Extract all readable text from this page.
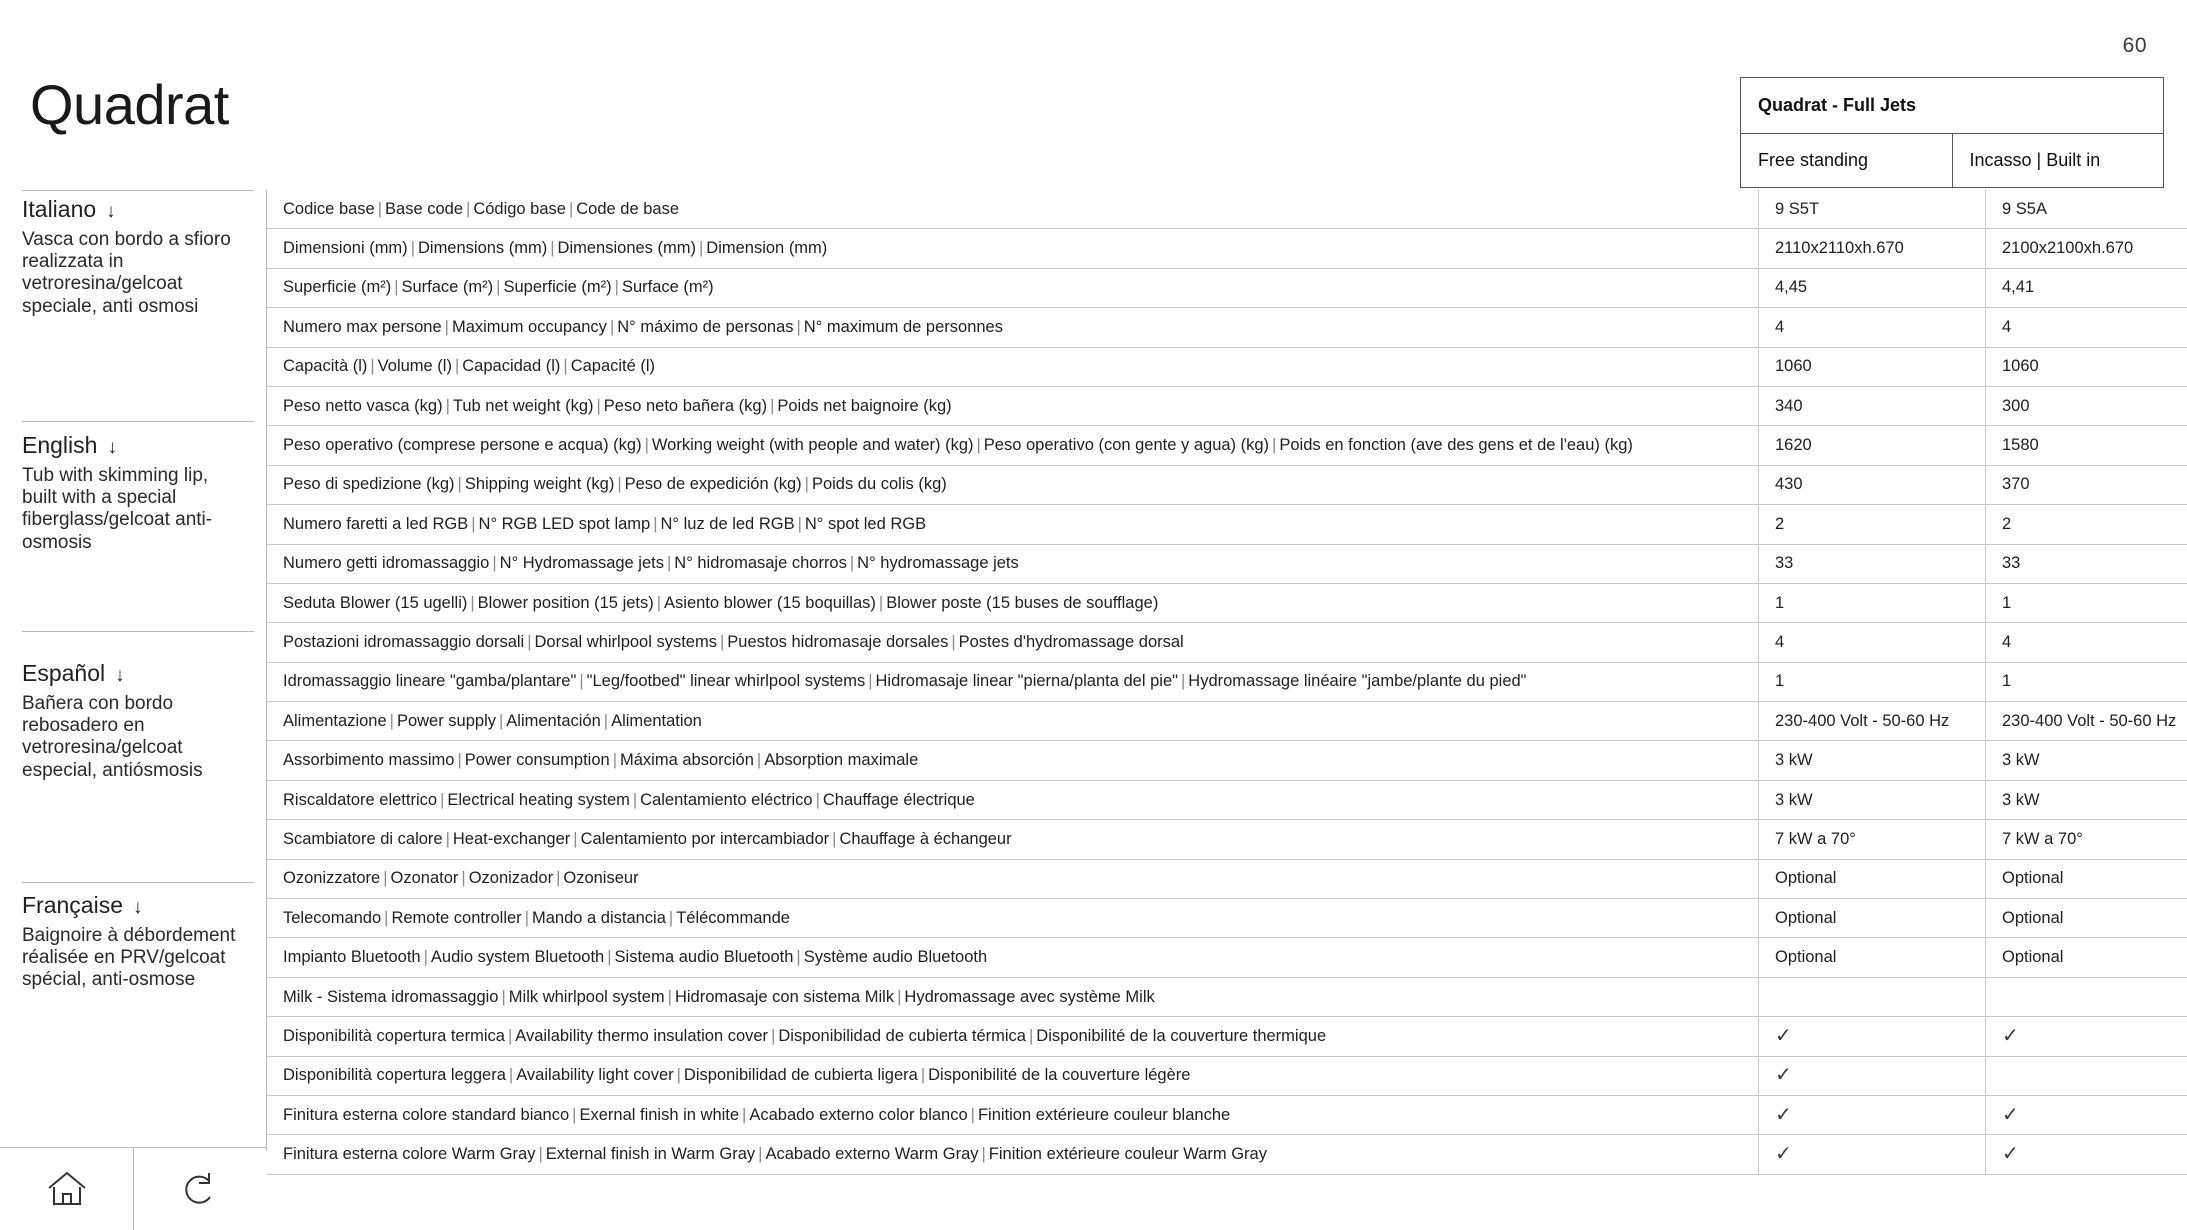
60
Quadrat	Quadrat - Full Jets
Free standing	Incasso | Built in
Italiano ↓
Vasca con bordo a sfioro realizzata in vetroresina/gelcoat speciale, anti osmosi
English ↓
Tub with skimming lip, built with a special fiberglass/gelcoat anti-osmosis
Español ↓
Bañera con bordo rebosadero en vetroresina/gelcoat especial, antiósmosis
Française ↓
Baignoire à débordement réalisée en PRV/gelcoat spécial, anti-osmose
Codice base | Base code | Código base | Code de base	9 S5T	9 S5A
Dimensioni (mm) | Dimensions (mm) | Dimensiones (mm) | Dimension (mm)	2110x2110xh.670	2100x2100xh.670
Superficie (m²) | Surface (m²) | Superficie (m²) | Surface (m²)	4,45	4,41
Numero max persone | Maximum occupancy | N° máximo de personas | N° maximum de personnes	4	4
Capacità (l) | Volume (l) | Capacidad (l) | Capacité (l)	1060	1060
Peso netto vasca (kg) | Tub net weight (kg) | Peso neto bañera (kg) | Poids net baignoire (kg)	340	300
Peso operativo (comprese persone e acqua) (kg) | Working weight (with people and water) (kg) | Peso operativo (con gente y agua) (kg) | Poids en fonction (ave des gens et de l'eau) (kg)	1620	1580
Peso di spedizione (kg) | Shipping weight (kg) | Peso de expedición (kg) | Poids du colis (kg)	430	370
Numero faretti a led RGB | N° RGB LED spot lamp | N° luz de led RGB | N° spot led RGB	2	2
Numero getti idromassaggio | N° Hydromassage jets | N° hidromasaje chorros | N° hydromassage jets	33	33
Seduta Blower (15 ugelli) | Blower position (15 jets) | Asiento blower (15 boquillas) | Blower poste (15 buses de soufflage)	1	1
Postazioni idromassaggio dorsali | Dorsal whirlpool systems | Puestos hidromasaje dorsales | Postes d'hydromassage dorsal	4	4
Idromassaggio lineare "gamba/plantare" | "Leg/footbed" linear whirlpool systems | Hidromasaje linear "pierna/planta del pie" | Hydromassage linéaire "jambe/plante du pied"	1	1
Alimentazione | Power supply | Alimentación | Alimentation	230-400 Volt - 50-60 Hz	230-400 Volt - 50-60 Hz
Assorbimento massimo | Power consumption | Máxima absorción | Absorption maximale	3 kW	3 kW
Riscaldatore elettrico | Electrical heating system | Calentamiento eléctrico | Chauffage électrique	3 kW	3 kW
Scambiatore di calore | Heat-exchanger | Calentamiento por intercambiador | Chauffage à échangeur	7 kW a 70°	7 kW a 70°
Ozonizzatore | Ozonator | Ozonizador | Ozoniseur	Optional	Optional
Telecomando | Remote controller | Mando a distancia | Télécommande	Optional	Optional
Impianto Bluetooth | Audio system Bluetooth | Sistema audio Bluetooth | Système audio Bluetooth	Optional	Optional
Milk - Sistema idromassaggio | Milk whirlpool system | Hidromasaje con sistema Milk | Hydromassage avec système Milk		
Disponibilità copertura termica | Availability thermo insulation cover | Disponibilidad de cubierta térmica | Disponibilité de la couverture thermique	✓	✓
Disponibilità copertura leggera | Availability light cover | Disponibilidad de cubierta ligera | Disponibilité de la couverture légère	✓	
Finitura esterna colore standard bianco | Exernal finish in white | Acabado externo color blanco | Finition extérieure couleur blanche	✓	✓
Finitura esterna colore Warm Gray | External finish in Warm Gray | Acabado externo Warm Gray | Finition extérieure couleur Warm Gray	✓	✓
